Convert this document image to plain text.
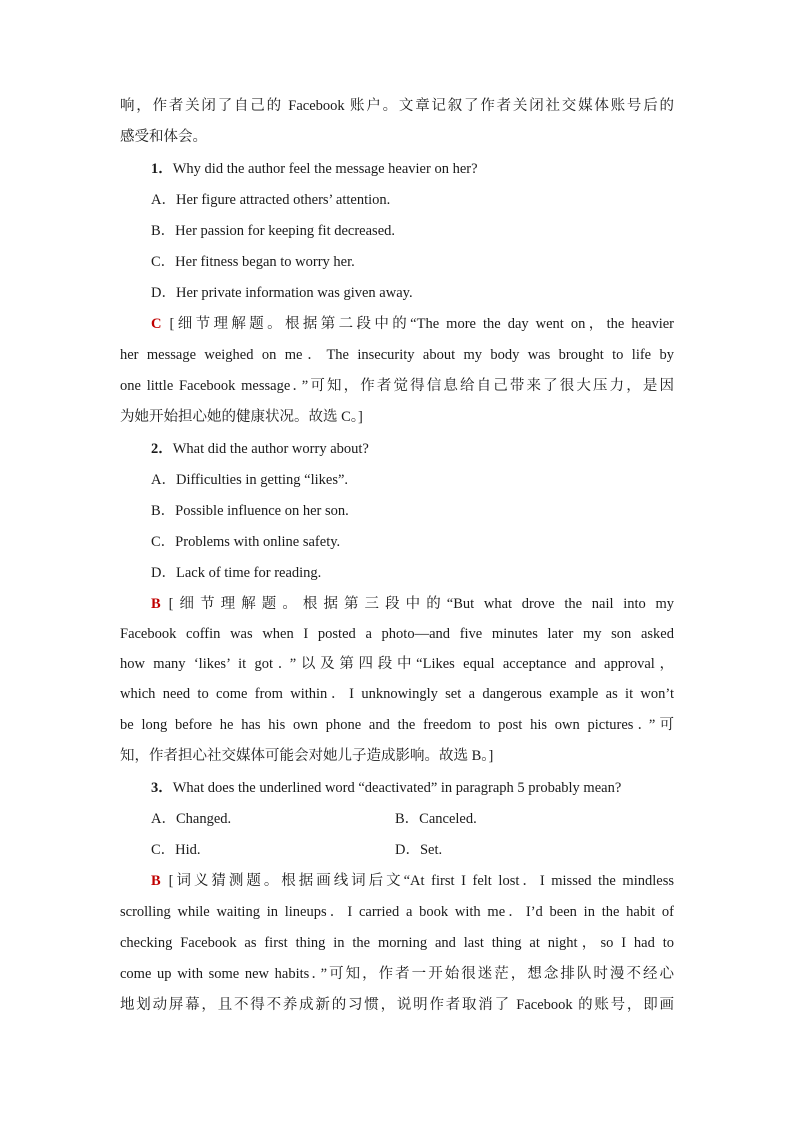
响，作者关闭了自己的 Facebook 账户。文章记叙了作者关闭社交媒体账号后的
感受和体会。
1．Why did the author feel the message heavier on her?
A．Her figure attracted others’ attention.
B．Her passion for keeping fit decreased.
C．Her fitness began to worry her.
D．Her private information was given away.
C [细节理解题。根据第二段中的“The more the day went on，the heavier
her message weighed on me．The insecurity about my body was brought to life by
one little Facebook message．”可知，作者觉得信息给自己带来了很大压力，是因
为她开始担心她的健康状况。故选 C。]
2．What did the author worry about?
A．Difficulties in getting “likes”.
B．Possible influence on her son.
C．Problems with online safety.
D．Lack of time for reading.
B [细节理解题。根据第三段中的“But what drove the nail into my
Facebook coffin was when I posted a photo—and five minutes later my son asked
how many ‘likes’ it got．”以及第四段中“Likes equal acceptance and approval，
which need to come from within．I unknowingly set a dangerous example as it won’t
be long before he has his own phone and the freedom to post his own pictures．”可
知，作者担心社交媒体可能会对她儿子造成影响。故选 B。]
3．What does the underlined word “deactivated” in paragraph 5 probably mean?
A．Changed.	B．Canceled.
C．Hid.	D．Set.
B [词义猜测题。根据画线词后文“At first I felt lost．I missed the mindless
scrolling while waiting in lineups．I carried a book with me．I’d been in the habit of
checking Facebook as first thing in the morning and last thing at night，so I had to
come up with some new habits．”可知，作者一开始很迷茫，想念排队时漫不经心
地划动屏幕，且不得不养成新的习惯，说明作者取消了 Facebook 的账号，即画
